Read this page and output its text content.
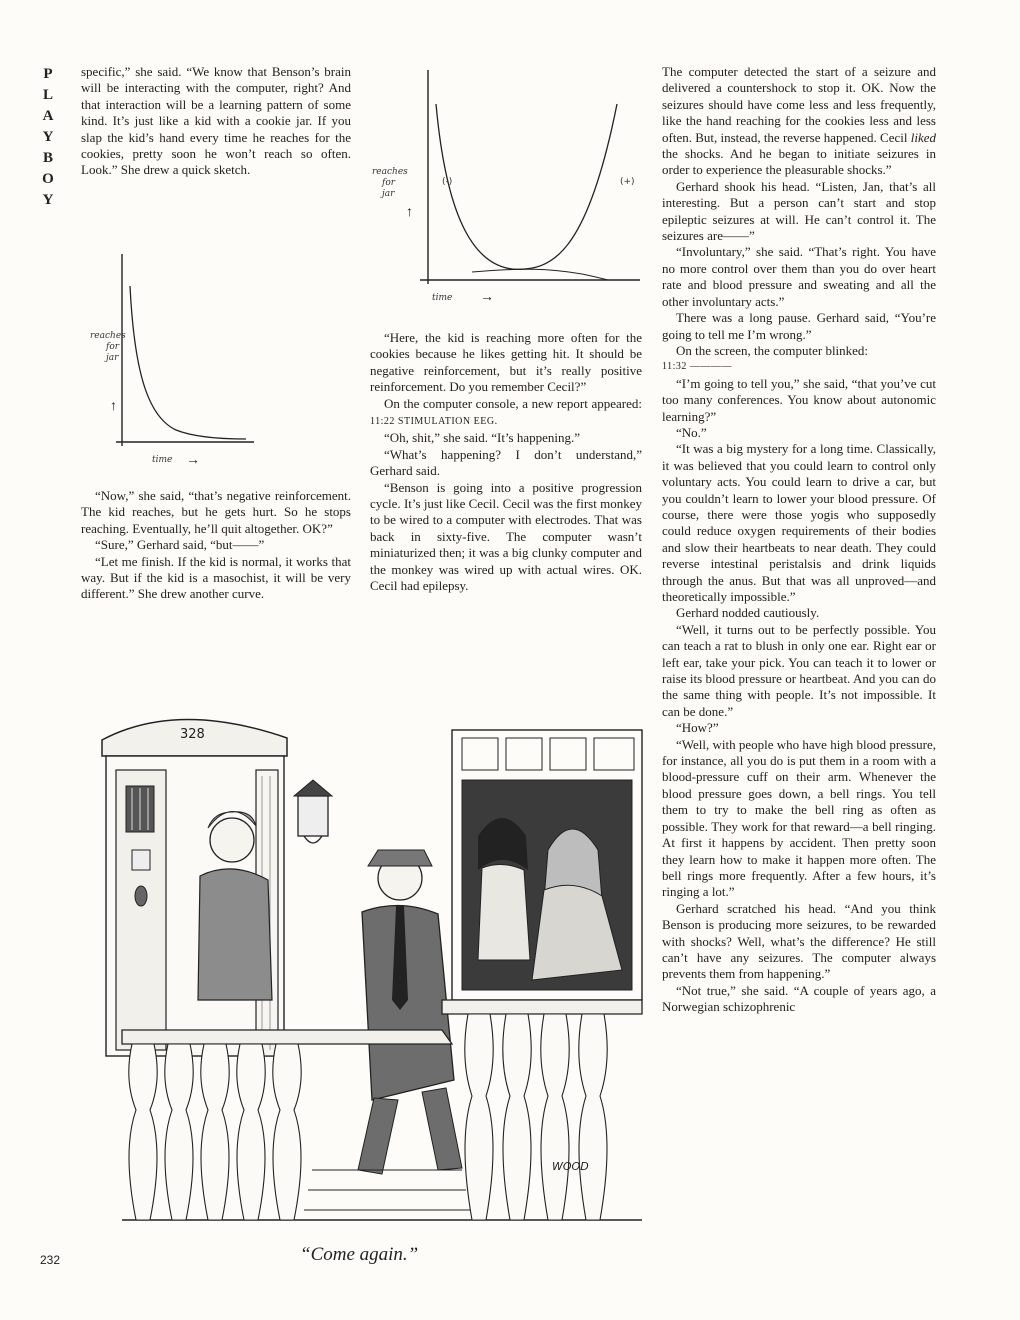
P
L
A
Y
B
O
Y

specific,” she said. “We know that Benson’s brain will be interacting with the computer, right? And that interaction will be a learning pattern of some kind. It’s just like a kid with a cookie jar. If you slap the kid’s hand every time he reaches for the cookies, pretty soon he won’t reach so often. Look.” She drew a quick sketch.

reaches
for
jar
↑
time →

“Now,” she said, “that’s negative reinforcement. The kid reaches, but he gets hurt. So he stops reaching. Eventually, he’ll quit altogether. OK?”

“Sure,” Gerhard said, “but——”

“Let me finish. If the kid is normal, it works that way. But if the kid is a masochist, it will be very different.” She drew another curve.

reaches
for
jar
↑
(-)	(+)
time →

“Here, the kid is reaching more often for the cookies because he likes getting hit. It should be negative reinforcement, but it’s really positive reinforcement. Do you remember Cecil?”

On the computer console, a new report appeared: 11:22 STIMULATION EEG.

“Oh, shit,” she said. “It’s happening.”

“What’s happening? I don’t understand,” Gerhard said.

“Benson is going into a positive progression cycle. It’s just like Cecil. Cecil was the first monkey to be wired to a computer with electrodes. That was back in sixty-five. The computer wasn’t miniaturized then; it was a big clunky computer and the monkey was wired up with actual wires. OK. Cecil had epilepsy.

The computer detected the start of a seizure and delivered a countershock to stop it. OK. Now the seizures should have come less and less frequently, like the hand reaching for the cookies less and less often. But, instead, the reverse happened. Cecil liked the shocks. And he began to initiate seizures in order to experience the pleasurable shocks.”

Gerhard shook his head. “Listen, Jan, that’s all interesting. But a person can’t start and stop epileptic seizures at will. He can’t control it. The seizures are——”

“Involuntary,” she said. “That’s right. You have no more control over them than you do over heart rate and blood pressure and sweating and all the other involuntary acts.”

There was a long pause. Gerhard said, “You’re going to tell me I’m wrong.”

On the screen, the computer blinked:

11:32 ————

“I’m going to tell you,” she said, “that you’ve cut too many conferences. You know about autonomic learning?”

“No.”

“It was a big mystery for a long time. Classically, it was believed that you could learn to control only voluntary acts. You could learn to drive a car, but you couldn’t learn to lower your blood pressure. Of course, there were those yogis who supposedly could reduce oxygen requirements of their bodies and slow their heartbeats to near death. They could reverse intestinal peristalsis and drink liquids through the anus. But that was all unproved—and theoretically impossible.”

Gerhard nodded cautiously.

“Well, it turns out to be perfectly possible. You can teach a rat to blush in only one ear. Right ear or left ear, take your pick. You can teach it to lower or raise its blood pressure or heartbeat. And you can do the same thing with people. It’s not impossible. It can be done.”

“How?”

“Well, with people who have high blood pressure, for instance, all you do is put them in a room with a blood-pressure cuff on their arm. Whenever the blood pressure goes down, a bell rings. You tell them to try to make the bell ring as often as possible. They work for that reward—a bell ringing. At first it happens by accident. Then pretty soon they learn how to make it happen more often. The bell rings more frequently. After a few hours, it’s ringing a lot.”

Gerhard scratched his head. “And you think Benson is producing more seizures, to be rewarded with shocks? Well, what’s the difference? He still can’t have any seizures. The computer always prevents them from happening.”

“Not true,” she said. “A couple of years ago, a Norwegian schizophrenic

328
WOOD
“Come again.”
232
